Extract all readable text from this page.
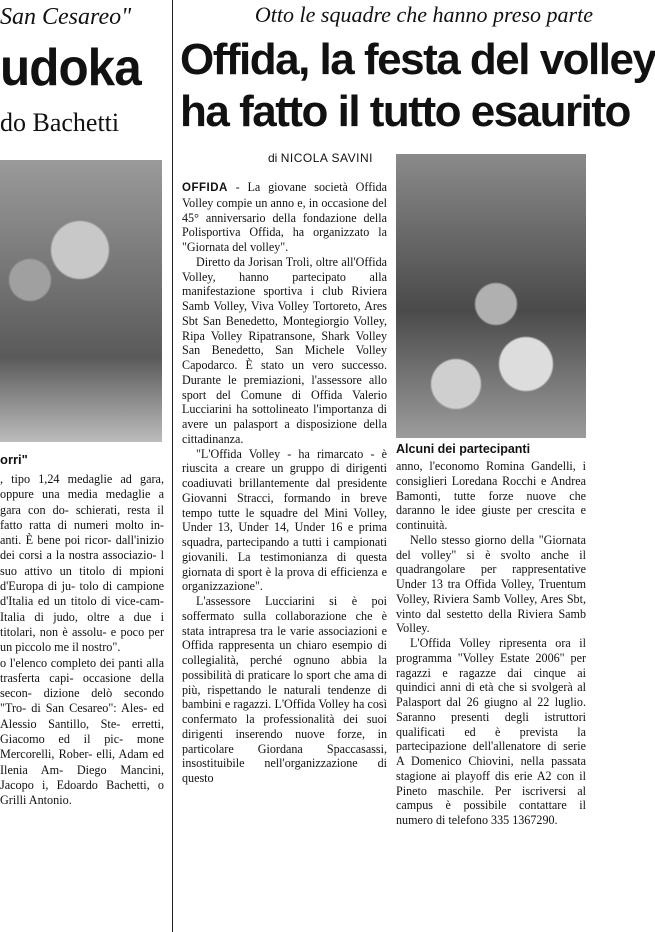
San Cesareo"
udoka
do Bachetti
orri"

, tipo 1,24 medaglie ad gara, oppure una media medaglie a gara con do- schierati, resta il fatto ratta di numeri molto in- anti. È bene poi ricor- dall'inizio dei corsi a la nostra associazio- l suo attivo un titolo di mpioni d'Europa di ju- tolo di campione d'Italia ed un titolo di vice-cam- Italia di judo, oltre a due i titolari, non è assolu- e poco per un piccolo me il nostro".

o l'elenco completo dei panti alla trasferta capi- occasione della secon- dizione delò secondo "Tro- di San Cesareo": Ales- ed Alessio Santillo, Ste- erretti, Giacomo ed il pic- mone Mercorelli, Rober- elli, Adam ed Ilenia Am- Diego Mancini, Jacopo i, Edoardo Bachetti, o Grilli Antonio.

Otto le squadre che hanno preso parte
Offida, la festa del volley
ha fatto il tutto esaurito
di NICOLA SAVINI
Alcuni dei partecipanti

OFFIDA - La giovane società Offida Volley compie un anno e, in occasione del 45° anniversario della fondazione della Polisportiva Offida, ha organizzato la "Giornata del volley".

Diretto da Jorisan Troli, oltre all'Offida Volley, hanno partecipato alla manifestazione sportiva i club Riviera Samb Volley, Viva Volley Tortoreto, Ares Sbt San Benedetto, Montegiorgio Volley, Ripa Volley Ripatransone, Shark Volley San Benedetto, San Michele Volley Capodarco. È stato un vero successo. Durante le premiazioni, l'assessore allo sport del Comune di Offida Valerio Lucciarini ha sottolineato l'importanza di avere un palasport a disposizione della cittadinanza.

"L'Offida Volley - ha rimarcato - è riuscita a creare un gruppo di dirigenti coadiuvati brillantemente dal presidente Giovanni Stracci, formando in breve tempo tutte le squadre del Mini Volley, Under 13, Under 14, Under 16 e prima squadra, partecipando a tutti i campionati giovanili. La testimonianza di questa giornata di sport è la prova di efficienza e organizzazione".

L'assessore Lucciarini si è poi soffermato sulla collaborazione che è stata intrapresa tra le varie associazioni e Offida rappresenta un chiaro esempio di collegialità, perché ognuno abbia la possibilità di praticare lo sport che ama di più, rispettando le naturali tendenze di bambini e ragazzi. L'Offida Volley ha così confermato la professionalità dei suoi dirigenti inserendo nuove forze, in particolare Giordana Spaccasassi, insostituibile nell'organizzazione di questo

anno, l'economo Romina Gandelli, i consiglieri Loredana Rocchi e Andrea Bamonti, tutte forze nuove che daranno le idee giuste per crescita e continuità.

Nello stesso giorno della "Giornata del volley" si è svolto anche il quadrangolare per rappresentative Under 13 tra Offida Volley, Truentum Volley, Riviera Samb Volley, Ares Sbt, vinto dal sestetto della Riviera Samb Volley.

L'Offida Volley ripresenta ora il programma "Volley Estate 2006" per ragazzi e ragazze dai cinque ai quindici anni di età che si svolgerà al Palasport dal 26 giugno al 22 luglio. Saranno presenti degli istruttori qualificati ed è prevista la partecipazione dell'allenatore di serie A Domenico Chiovini, nella passata stagione ai playoff dis erie A2 con il Pineto maschile. Per iscriversi al campus è possibile contattare il numero di telefono 335 1367290.
